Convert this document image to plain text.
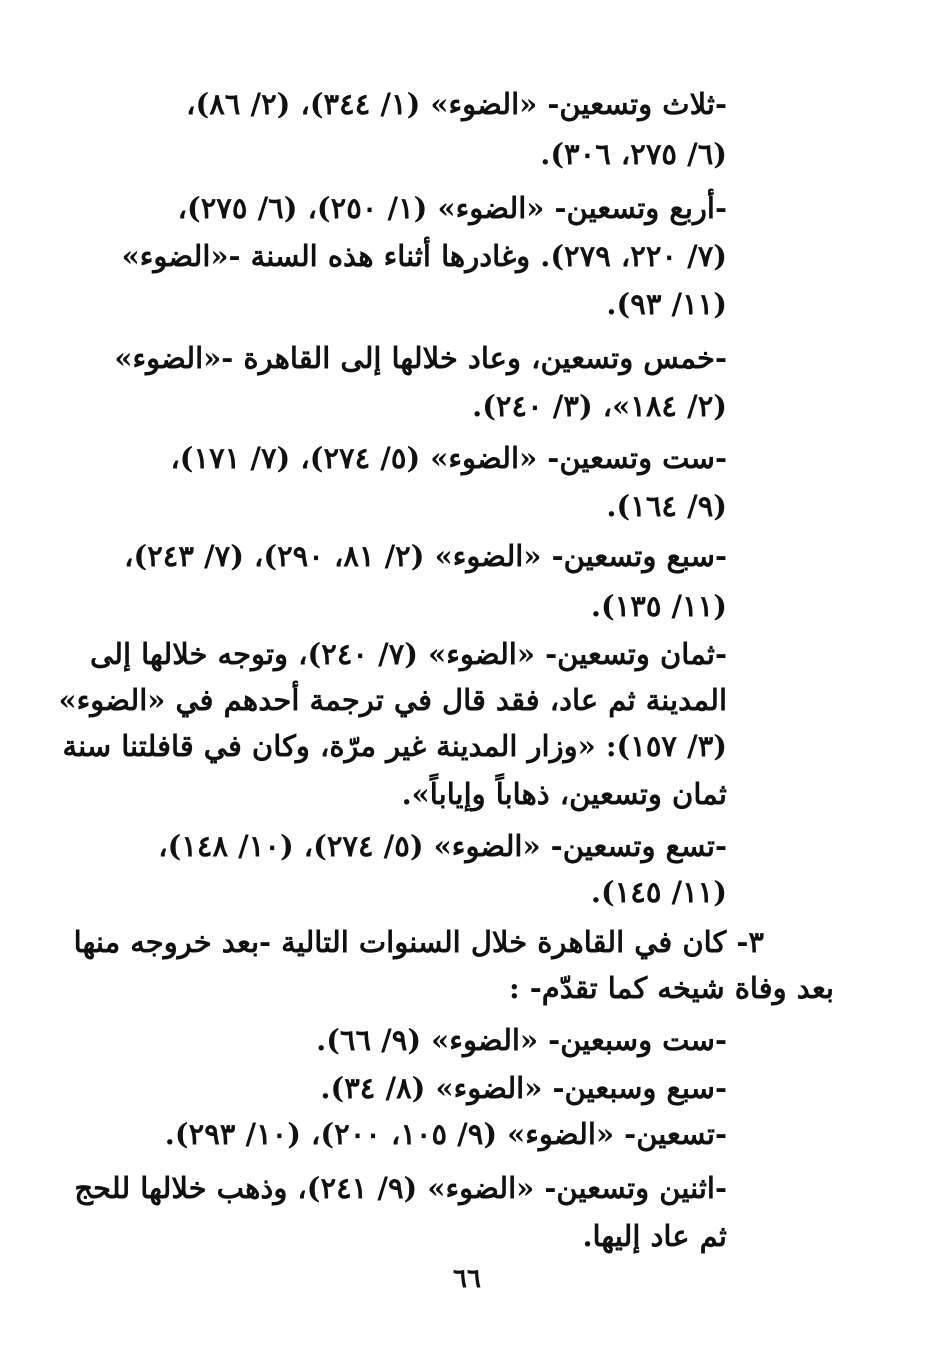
-ثلاث وتسعين- «الضوء» (١/ ٣٤٤)، (٢/ ٨٦)،
(٦/ ٢٧٥، ٣٠٦).
-أربع وتسعين- «الضوء» (١/ ٢٥٠)، (٦/ ٢٧٥)،
(٧/ ٢٢٠، ٢٧٩). وغادرها أثناء هذه السنة -«الضوء»
(١١/ ٩٣).
-خمس وتسعين، وعاد خلالها إلى القاهرة -«الضوء»
(٢/ ١٨٤»، (٣/ ٢٤٠).
-ست وتسعين- «الضوء» (٥/ ٢٧٤)، (٧/ ١٧١)،
(٩/ ١٦٤).
-سبع وتسعين- «الضوء» (٢/ ٨١، ٢٩٠)، (٧/ ٢٤٣)،
(١١/ ١٣٥).
-ثمان وتسعين- «الضوء» (٧/ ٢٤٠)، وتوجه خلالها إلى
المدينة ثم عاد، فقد قال في ترجمة أحدهم في «الضوء»
(٣/ ١٥٧): «وزار المدينة غير مرّة، وكان في قافلتنا سنة
ثمان وتسعين، ذهاباً وإياباً».
-تسع وتسعين- «الضوء» (٥/ ٢٧٤)، (١٠/ ١٤٨)،
(١١/ ١٤٥).
٣- كان في القاهرة خلال السنوات التالية -بعد خروجه منها
بعد وفاة شيخه كما تقدّم- :
-ست وسبعين- «الضوء» (٩/ ٦٦).
-سبع وسبعين- «الضوء» (٨/ ٣٤).
-تسعين- «الضوء» (٩/ ١٠٥، ٢٠٠)، (١٠/ ٢٩٣).
-اثنين وتسعين- «الضوء» (٩/ ٢٤١)، وذهب خلالها للحج
ثم عاد إليها.
٦٦
